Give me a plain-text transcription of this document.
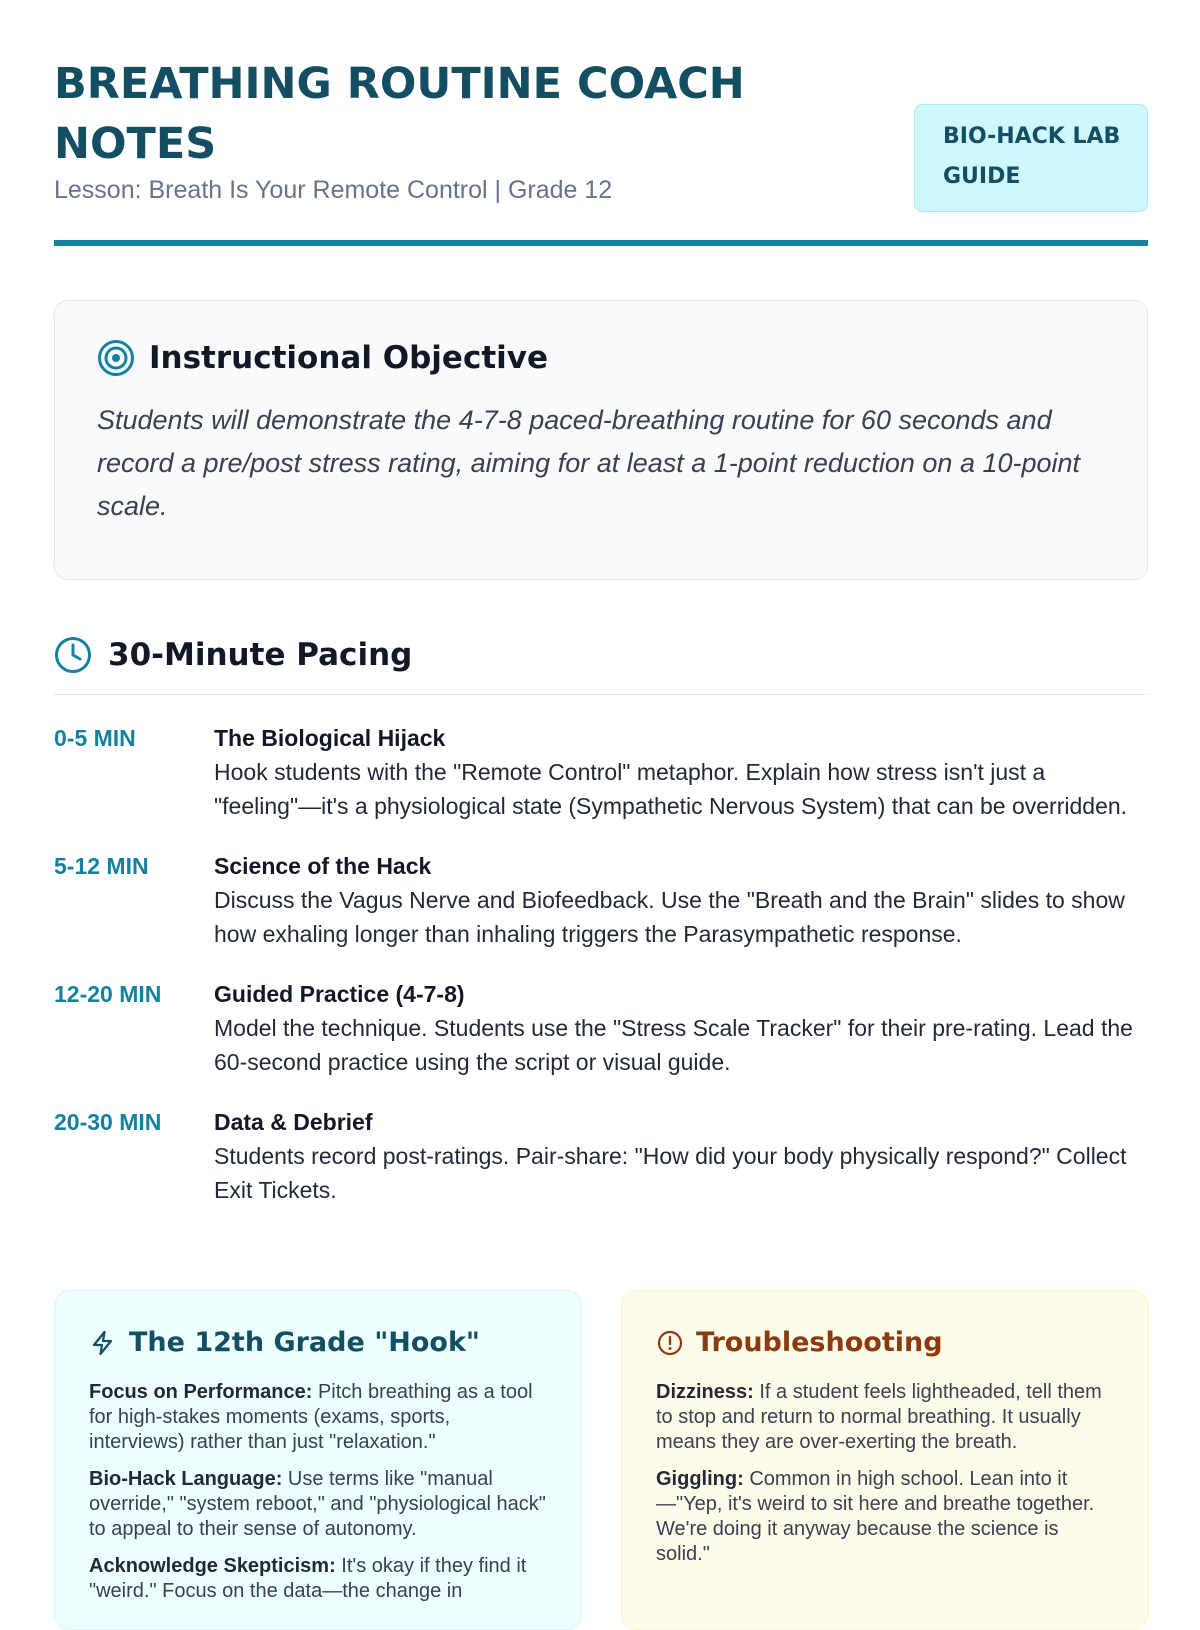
BREATHING ROUTINE COACH NOTES
Lesson: Breath Is Your Remote Control | Grade 12
BIO-HACK LAB GUIDE
Instructional Objective
Students will demonstrate the 4-7-8 paced-breathing routine for 60 seconds and record a pre/post stress rating, aiming for at least a 1-point reduction on a 10-point scale.
30-Minute Pacing
0-5 MIN	The Biological Hijack
Hook students with the "Remote Control" metaphor. Explain how stress isn't just a "feeling"—it's a physiological state (Sympathetic Nervous System) that can be overridden.
5-12 MIN	Science of the Hack
Discuss the Vagus Nerve and Biofeedback. Use the "Breath and the Brain" slides to show how exhaling longer than inhaling triggers the Parasympathetic response.
12-20 MIN	Guided Practice (4-7-8)
Model the technique. Students use the "Stress Scale Tracker" for their pre-rating. Lead the 60-second practice using the script or visual guide.
20-30 MIN	Data & Debrief
Students record post-ratings. Pair-share: "How did your body physically respond?" Collect Exit Tickets.
The 12th Grade "Hook"
Focus on Performance: Pitch breathing as a tool for high-stakes moments (exams, sports, interviews) rather than just "relaxation."
Bio-Hack Language: Use terms like "manual override," "system reboot," and "physiological hack" to appeal to their sense of autonomy.
Acknowledge Skepticism: It's okay if they find it "weird." Focus on the data—the change in
Troubleshooting
Dizziness: If a student feels lightheaded, tell them to stop and return to normal breathing. It usually means they are over-exerting the breath.
Giggling: Common in high school. Lean into it—"Yep, it's weird to sit here and breathe together. We're doing it anyway because the science is solid."
